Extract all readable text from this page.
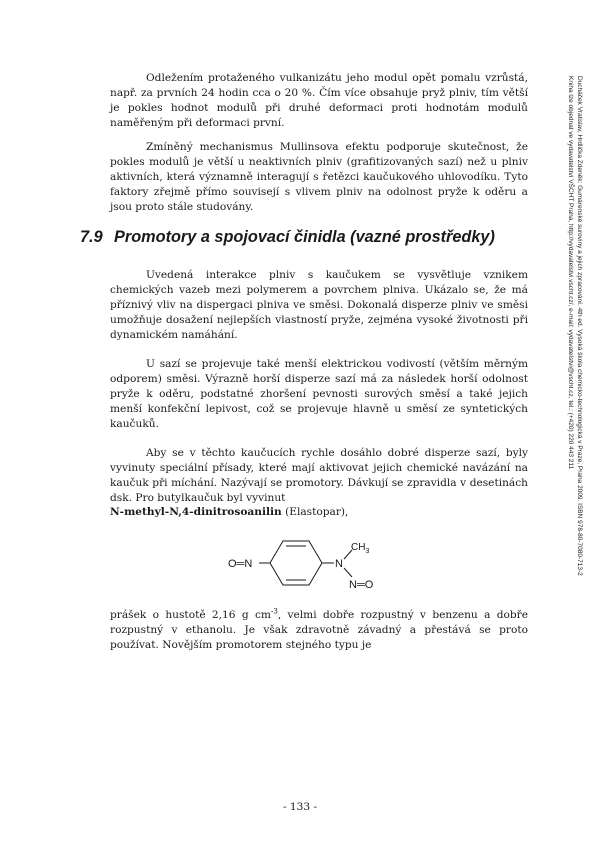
Ducháček Vratislav, Hrdlička Zdeněk: Gumárenské suroviny a jejich zpracování. 4th ed. Vysoká škola chemicko-technologická v Praze, Praha 2009. ISBN 978-80-7080-713-2
Kniha lze objednat ve vydavatelství VŠCHT Praha, http://vydavatelstvi.vscht.cz/, e-mail: vydavatelstvi@vscht.cz, tel.: (+420) 220 443 211

Odležením protaženého vulkanizátu jeho modul opět pomalu vzrůstá, např. za prvních 24 hodin cca o 20 %. Čím více obsahuje pryž plniv, tím větší je pokles hodnot modulů při druhé deformaci proti hodnotám modulů naměřeným při deformaci první.

Zmíněný mechanismus Mullinsova efektu podporuje skutečnost, že pokles modulů je větší u neaktivních plniv (grafitizovaných sazí) než u plniv aktivních, která významně interagují s řetězci kaučukového uhlovodíku. Tyto faktory zřejmě přímo souvisejí s vlivem plniv na odolnost pryže k oděru a jsou proto stále studovány.

7.9 Promotory a spojovací činidla (vazné prostředky)

Uvedená interakce plniv s kaučukem se vysvětluje vznikem chemických vazeb mezi polymerem a povrchem plniva. Ukázalo se, že má příznivý vliv na dispergaci plniva ve směsi. Dokonalá disperze plniv ve směsi umožňuje dosažení nejlepších vlastností pryže, zejména vysoké životnosti při dynamickém namáhání.

U sazí se projevuje také menší elektrickou vodivostí (větším měrným odporem) směsi. Výrazně horší disperze sazí má za následek horší odolnost pryže k oděru, podstatné zhoršení pevnosti surových směsí a také jejich menší konfekční lepivost, což se projevuje hlavně u směsí ze syntetických kaučuků.

Aby se v těchto kaučucích rychle dosáhlo dobré disperze sazí, byly vyvinuty speciální přísady, které mají aktivovat jejich chemické navázání na kaučuk při míchání. Nazývají se promotory. Dávkují se zpravidla v desetinách dsk. Pro butylkaučuk byl vyvinut

N-methyl-N,4-dinitrosoanilin (Elastopar),
O═N	N
$CH_3$
N═O

prášek o hustotě 2,16 g $cm^{-3}$, velmi dobře rozpustný v benzenu a dobře rozpustný v ethanolu. Je však zdravotně závadný a přestává se proto používat. Novějším promotorem stejného typu je

- 133 -
